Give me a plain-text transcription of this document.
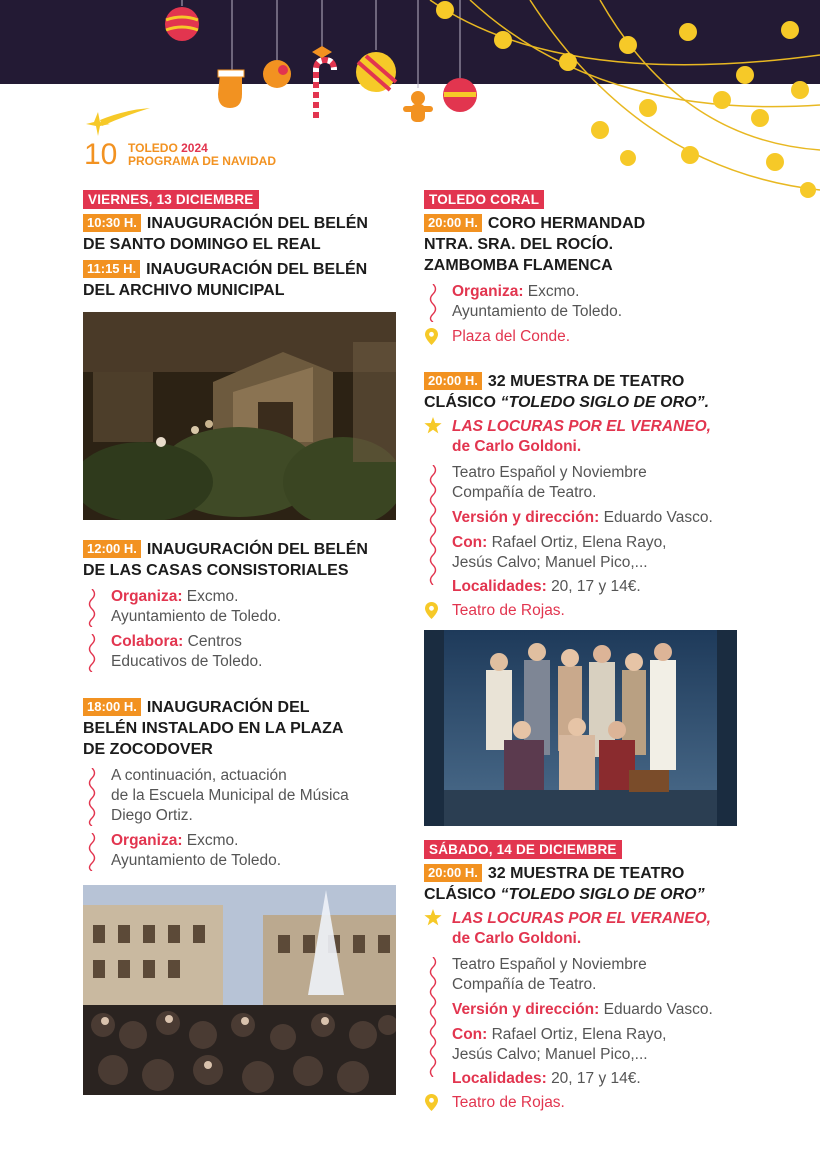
10 TOLEDO 2024
PROGRAMA DE NAVIDAD
VIERNES, 13 DICIEMBRE
10:30 H. INAUGURACIÓN DEL BELÉN
DE SANTO DOMINGO EL REAL
11:15 H. INAUGURACIÓN DEL BELÉN
DEL ARCHIVO MUNICIPAL
12:00 H. INAUGURACIÓN DEL BELÉN
DE LAS CASAS CONSISTORIALES
Organiza: Excmo.
Ayuntamiento de Toledo.
Colabora: Centros
Educativos de Toledo.
18:00 H. INAUGURACIÓN DEL
BELÉN INSTALADO EN LA PLAZA
DE ZOCODOVER
A continuación, actuación
de la Escuela Municipal de Música
Diego Ortiz.
Organiza: Excmo.
Ayuntamiento de Toledo.
TOLEDO CORAL
20:00 H. CORO HERMANDAD
NTRA. SRA. DEL ROCÍO.
ZAMBOMBA FLAMENCA
Organiza: Excmo.
Ayuntamiento de Toledo.
Plaza del Conde.
20:00 H. 32 MUESTRA DE TEATRO
CLÁSICO “TOLEDO SIGLO DE ORO”.
LAS LOCURAS POR EL VERANEO,
de Carlo Goldoni.
Teatro Español y Noviembre
Compañía de Teatro.
Versión y dirección: Eduardo Vasco.
Con: Rafael Ortiz, Elena Rayo,
Jesús Calvo; Manuel Pico,...
Localidades: 20, 17 y 14€.
Teatro de Rojas.
SÁBADO, 14 DE DICIEMBRE
20:00 H. 32 MUESTRA DE TEATRO
CLÁSICO “TOLEDO SIGLO DE ORO”
LAS LOCURAS POR EL VERANEO,
de Carlo Goldoni.
Teatro Español y Noviembre
Compañía de Teatro.
Versión y dirección: Eduardo Vasco.
Con: Rafael Ortiz, Elena Rayo,
Jesús Calvo; Manuel Pico,...
Localidades: 20, 17 y 14€.
Teatro de Rojas.
